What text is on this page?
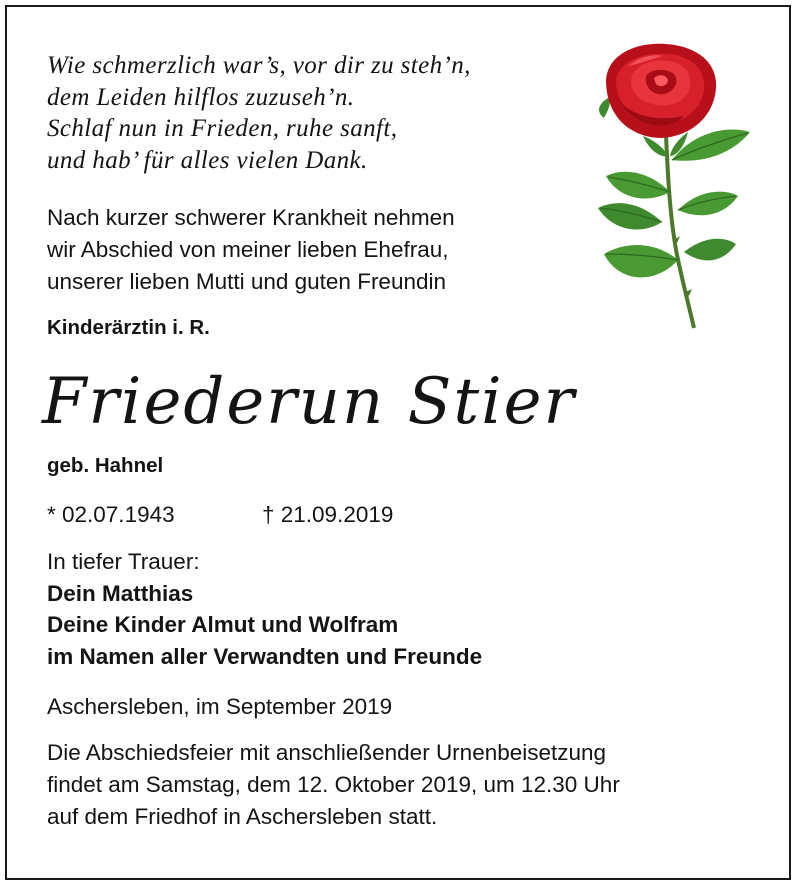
Wie schmerzlich war’s, vor dir zu steh’n,
dem Leiden hilflos zuzuseh’n.
Schlaf nun in Frieden, ruhe sanft,
und hab’ für alles vielen Dank.
Nach kurzer schwerer Krankheit nehmen
wir Abschied von meiner lieben Ehefrau,
unserer lieben Mutti und guten Freundin
Kinderärztin i. R.
Friederun Stier
geb. Hahnel
* 02.07.1943	† 21.09.2019
In tiefer Trauer:
Dein Matthias
Deine Kinder Almut und Wolfram
im Namen aller Verwandten und Freunde
Aschersleben, im September 2019
Die Abschiedsfeier mit anschließender Urnenbeisetzung
findet am Samstag, dem 12. Oktober 2019, um 12.30 Uhr
auf dem Friedhof in Aschersleben statt.
